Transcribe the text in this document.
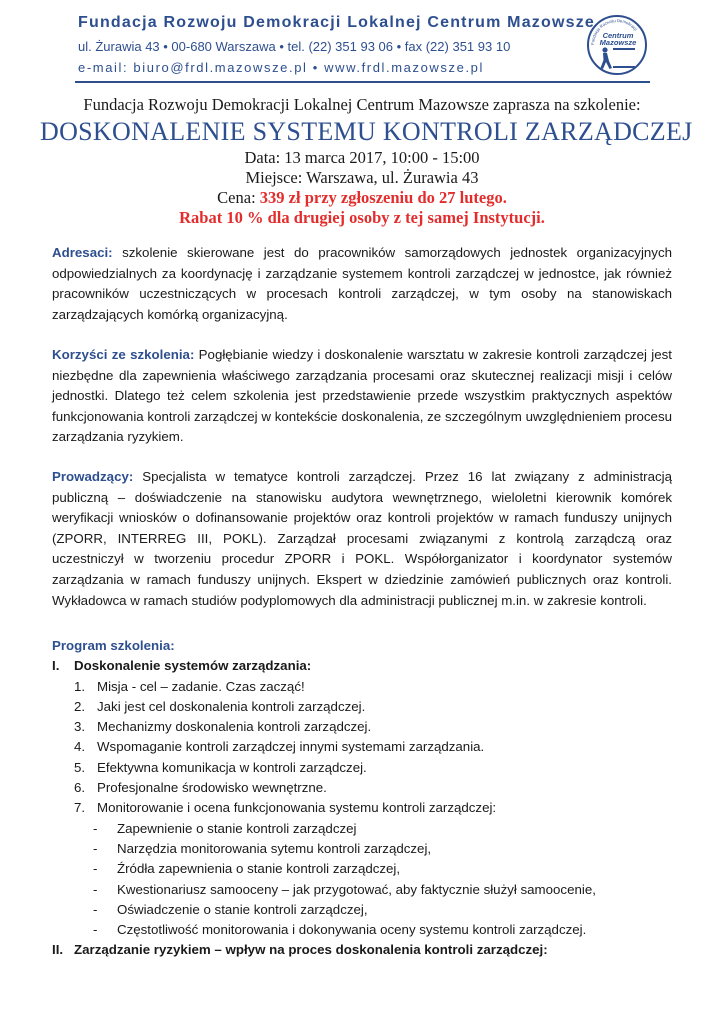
Fundacja Rozwoju Demokracji Lokalnej Centrum Mazowsze
ul. Żurawia 43 • 00-680 Warszawa • tel. (22) 351 93 06 • fax (22) 351 93 10
e-mail: biuro@frdl.mazowsze.pl • www.frdl.mazowsze.pl
Fundacja Rozwoju Demokracji
Centrum
Mazowsze
Fundacja Rozwoju Demokracji Lokalnej Centrum Mazowsze zaprasza na szkolenie:
DOSKONALENIE SYSTEMU KONTROLI ZARZĄDCZEJ
Data: 13 marca 2017, 10:00 - 15:00
Miejsce: Warszawa, ul. Żurawia 43
Cena: 339 zł przy zgłoszeniu do 27 lutego.
Rabat 10 % dla drugiej osoby z tej samej Instytucji.
Adresaci: szkolenie skierowane jest do pracowników samorządowych jednostek organizacyjnych odpowiedzialnych za koordynację i zarządzanie systemem kontroli zarządczej w jednostce, jak również pracowników uczestniczących w procesach kontroli zarządczej, w tym osoby na stanowiskach zarządzających komórką organizacyjną.
Korzyści ze szkolenia: Pogłębianie wiedzy i doskonalenie warsztatu w zakresie kontroli zarządczej jest niezbędne dla zapewnienia właściwego zarządzania procesami oraz skutecznej realizacji misji i celów jednostki. Dlatego też celem szkolenia jest przedstawienie przede wszystkim praktycznych aspektów funkcjonowania kontroli zarządczej w kontekście doskonalenia, ze szczególnym uwzględnieniem procesu zarządzania ryzykiem.
Prowadzący: Specjalista w tematyce kontroli zarządczej. Przez 16 lat związany z administracją publiczną – doświadczenie na stanowisku audytora wewnętrznego, wieloletni kierownik komórek weryfikacji wniosków o dofinansowanie projektów oraz kontroli projektów w ramach funduszy unijnych (ZPORR, INTERREG III, POKL). Zarządzał procesami związanymi z kontrolą zarządczą oraz uczestniczył w tworzeniu procedur ZPORR i POKL. Współorganizator i koordynator systemów zarządzania w ramach funduszy unijnych. Ekspert w dziedzinie zamówień publicznych oraz kontroli. Wykładowca w ramach studiów podyplomowych dla administracji publicznej m.in. w zakresie kontroli.
Program szkolenia:
I.	Doskonalenie systemów zarządzania:
1. Misja - cel – zadanie. Czas zacząć!
2. Jaki jest cel doskonalenia kontroli zarządczej.
3. Mechanizmy doskonalenia kontroli zarządczej.
4. Wspomaganie kontroli zarządczej innymi systemami zarządzania.
5. Efektywna komunikacja w kontroli zarządczej.
6. Profesjonalne środowisko wewnętrzne.
7. Monitorowanie i ocena funkcjonowania systemu kontroli zarządczej:
-	Zapewnienie o stanie kontroli zarządczej
-	Narzędzia monitorowania sytemu kontroli zarządczej,
-	Źródła zapewnienia o stanie kontroli zarządczej,
-	Kwestionariusz samooceny – jak przygotować, aby faktycznie służył samoocenie,
-	Oświadczenie o stanie kontroli zarządczej,
-	Częstotliwość monitorowania i dokonywania oceny systemu kontroli zarządczej.
II. Zarządzanie ryzykiem – wpływ na proces doskonalenia kontroli zarządczej:
